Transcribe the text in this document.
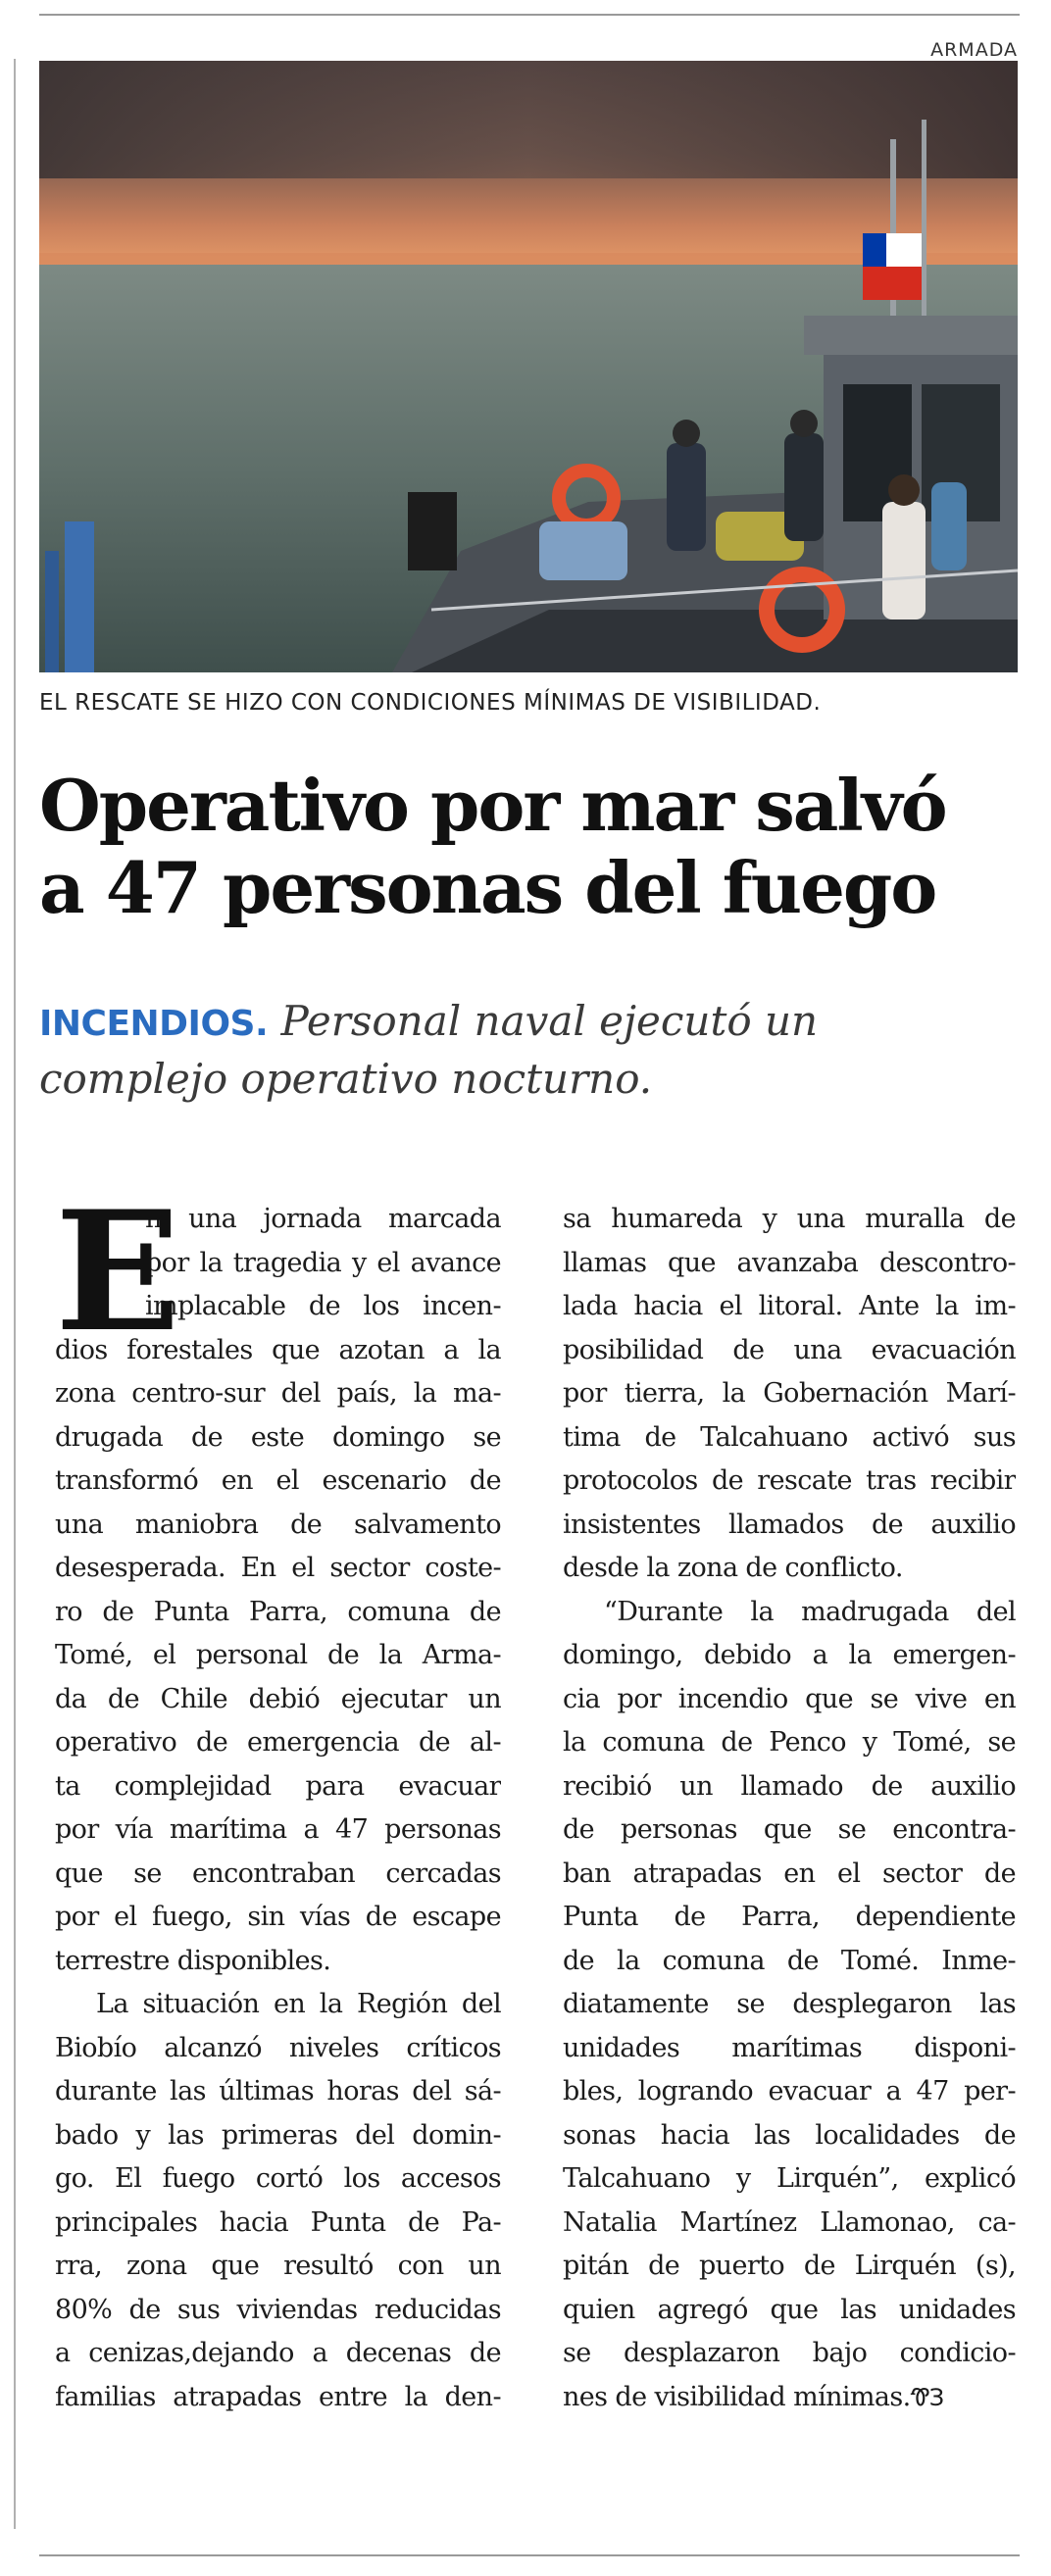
ARMADA
EL RESCATE SE HIZO CON CONDICIONES MÍNIMAS DE VISIBILIDAD.
Operativo por mar salvó
a 47 personas del fuego
INCENDIOS. Personal naval ejecutó un
complejo operativo nocturno.
E
n una jornada marcada
por la tragedia y el avance
implacable de los incen-
dios forestales que azotan a la
zona centro-sur del país, la ma-
drugada de este domingo se
transformó en el escenario de
una maniobra de salvamento
desesperada. En el sector coste-
ro de Punta Parra, comuna de
Tomé, el personal de la Arma-
da de Chile debió ejecutar un
operativo de emergencia de al-
ta complejidad para evacuar
por vía marítima a 47 personas
que se encontraban cercadas
por el fuego, sin vías de escape
terrestre disponibles.
La situación en la Región del
Biobío alcanzó niveles críticos
durante las últimas horas del sá-
bado y las primeras del domin-
go. El fuego cortó los accesos
principales hacia Punta de Pa-
rra, zona que resultó con un
80% de sus viviendas reducidas
a cenizas,dejando a decenas de
familias atrapadas entre la den-
sa humareda y una muralla de
llamas que avanzaba descontro-
lada hacia el litoral. Ante la im-
posibilidad de una evacuación
por tierra, la Gobernación Marí-
tima de Talcahuano activó sus
protocolos de rescate tras recibir
insistentes llamados de auxilio
desde la zona de conflicto.
“Durante la madrugada del
domingo, debido a la emergen-
cia por incendio que se vive en
la comuna de Penco y Tomé, se
recibió un llamado de auxilio
de personas que se encontra-
ban atrapadas en el sector de
Punta de Parra, dependiente
de la comuna de Tomé. Inme-
diatamente se desplegaron las
unidades marítimas disponi-
bles, logrando evacuar a 47 per-
sonas hacia las localidades de
Talcahuano y Lirquén”, explicó
Natalia Martínez Llamonao, ca-
pitán de puerto de Lirquén (s),
quien agregó que las unidades
se desplazaron bajo condicio-
nes de visibilidad mínimas.ᏡЗ
